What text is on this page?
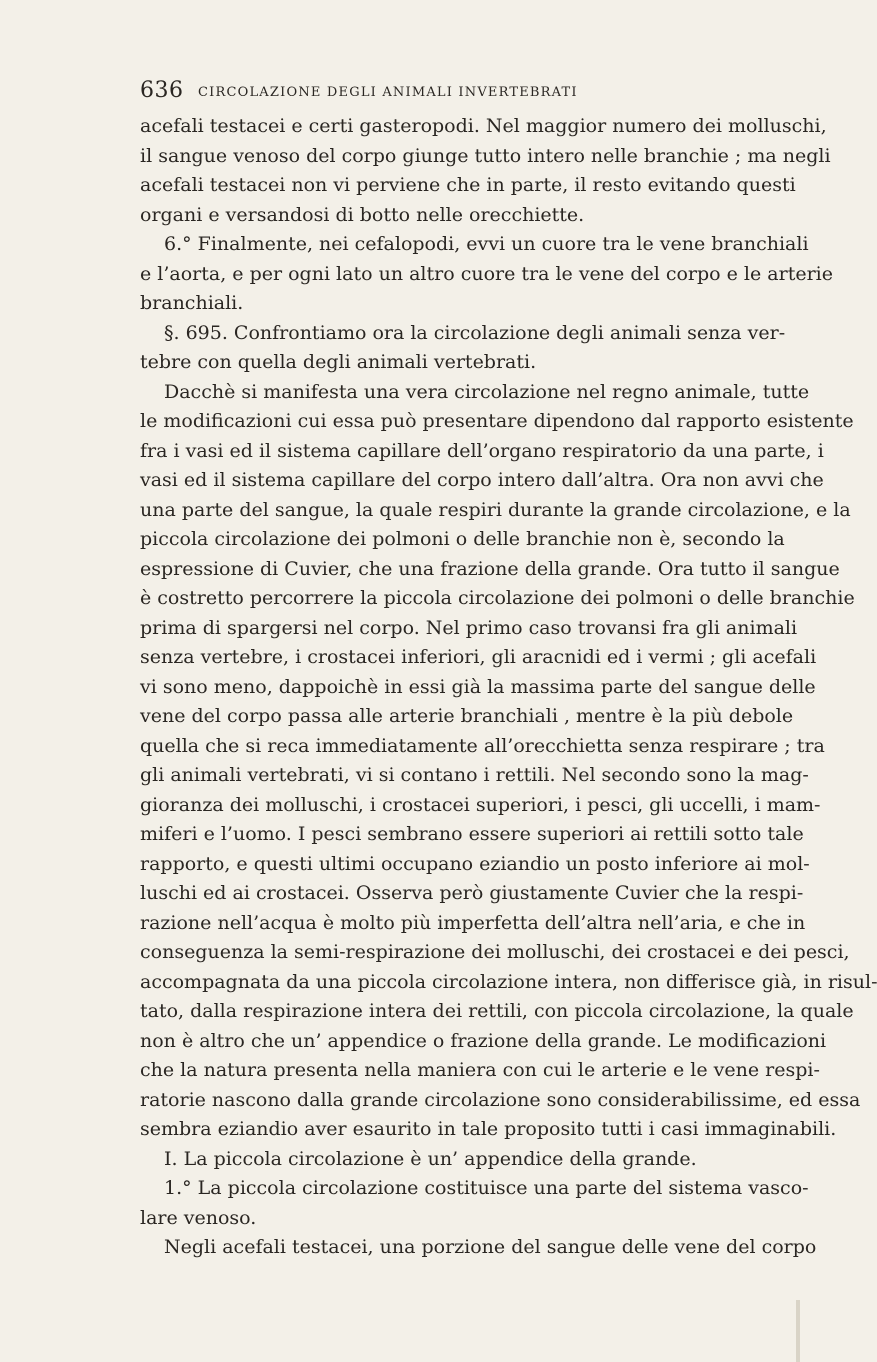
636 CIRCOLAZIONE DEGLI ANIMALI INVERTEBRATI
acefali testacei e certi gasteropodi. Nel maggior numero dei molluschi,
il sangue venoso del corpo giunge tutto intero nelle branchie ; ma negli
acefali testacei non vi perviene che in parte, il resto evitando questi
organi e versandosi di botto nelle orecchiette.
6.° Finalmente, nei cefalopodi, evvi un cuore tra le vene branchiali
e l’aorta, e per ogni lato un altro cuore tra le vene del corpo e le arterie
branchiali.
§. 695. Confrontiamo ora la circolazione degli animali senza ver-
tebre con quella degli animali vertebrati.
Dacchè si manifesta una vera circolazione nel regno animale, tutte
le modificazioni cui essa può presentare dipendono dal rapporto esistente
fra i vasi ed il sistema capillare dell’organo respiratorio da una parte, i
vasi ed il sistema capillare del corpo intero dall’altra. Ora non avvi che
una parte del sangue, la quale respiri durante la grande circolazione, e la
piccola circolazione dei polmoni o delle branchie non è, secondo la
espressione di Cuvier, che una frazione della grande. Ora tutto il sangue
è costretto percorrere la piccola circolazione dei polmoni o delle branchie
prima di spargersi nel corpo. Nel primo caso trovansi fra gli animali
senza vertebre, i crostacei inferiori, gli aracnidi ed i vermi ; gli acefali
vi sono meno, dappoichè in essi già la massima parte del sangue delle
vene del corpo passa alle arterie branchiali , mentre è la più debole
quella che si reca immediatamente all’orecchietta senza respirare ; tra
gli animali vertebrati, vi si contano i rettili. Nel secondo sono la mag-
gioranza dei molluschi, i crostacei superiori, i pesci, gli uccelli, i mam-
miferi e l’uomo. I pesci sembrano essere superiori ai rettili sotto tale
rapporto, e questi ultimi occupano eziandio un posto inferiore ai mol-
luschi ed ai crostacei. Osserva però giustamente Cuvier che la respi-
razione nell’acqua è molto più imperfetta dell’altra nell’aria, e che in
conseguenza la semi-respirazione dei molluschi, dei crostacei e dei pesci,
accompagnata da una piccola circolazione intera, non differisce già, in risul-
tato, dalla respirazione intera dei rettili, con piccola circolazione, la quale
non è altro che un’ appendice o frazione della grande. Le modificazioni
che la natura presenta nella maniera con cui le arterie e le vene respi-
ratorie nascono dalla grande circolazione sono considerabilissime, ed essa
sembra eziandio aver esaurito in tale proposito tutti i casi immaginabili.
I. La piccola circolazione è un’ appendice della grande.
1.° La piccola circolazione costituisce una parte del sistema vasco-
lare venoso.
Negli acefali testacei, una porzione del sangue delle vene del corpo
